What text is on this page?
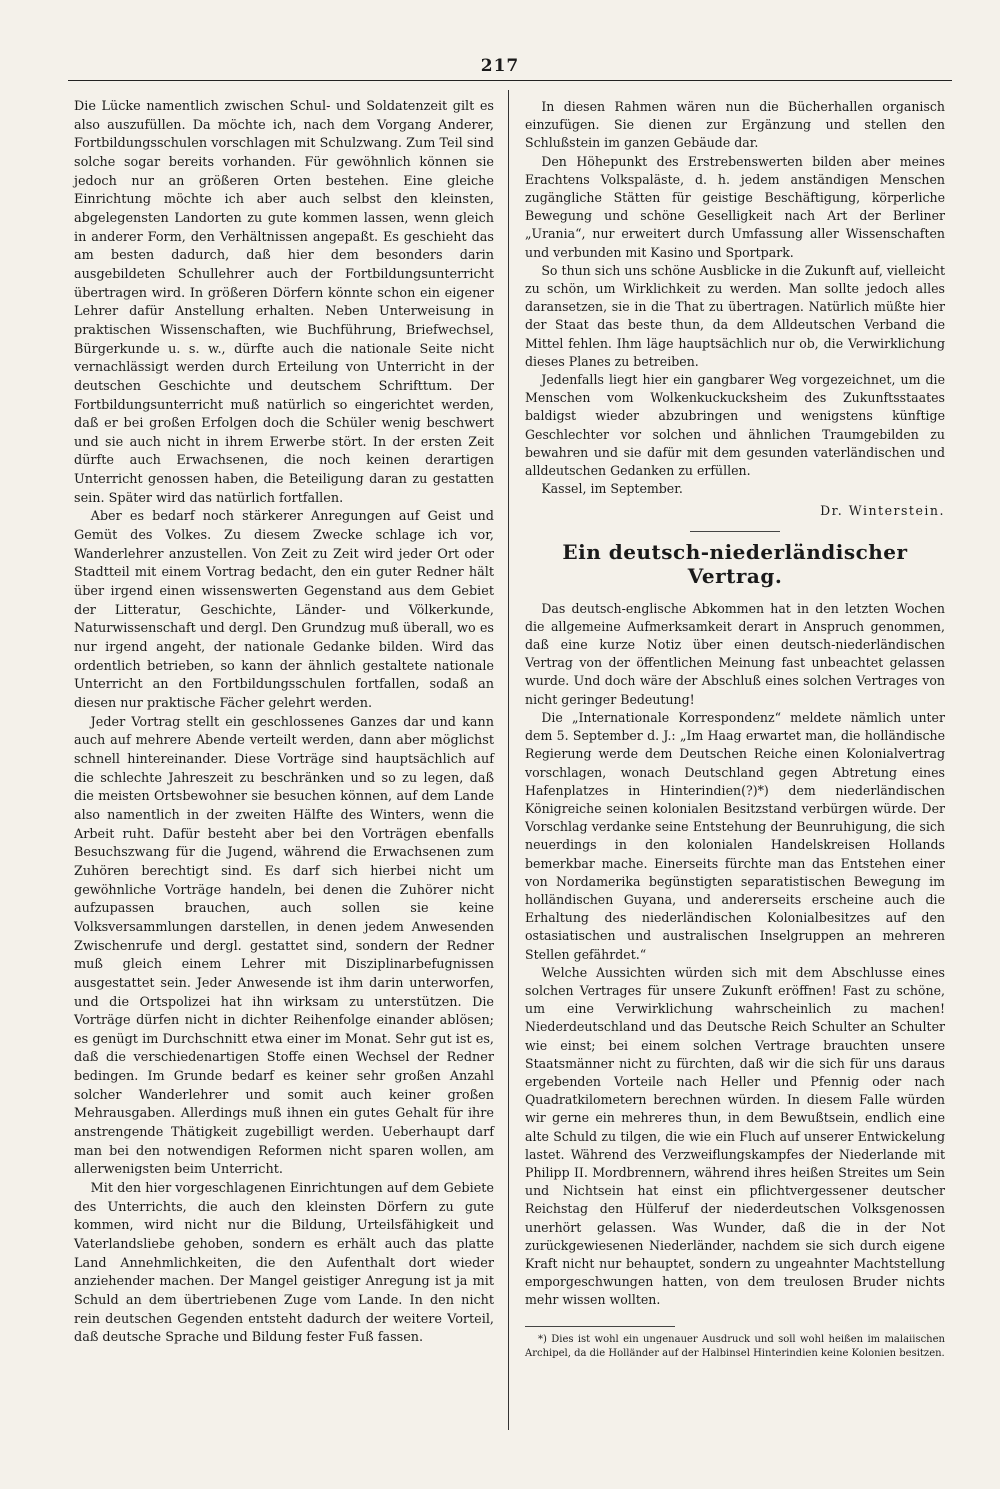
217

Die Lücke namentlich zwischen Schul- und Soldatenzeit gilt es also auszufüllen. Da möchte ich, nach dem Vorgang Anderer, Fortbildungsschulen vorschlagen mit Schulzwang. Zum Teil sind solche sogar bereits vorhanden. Für gewöhnlich können sie jedoch nur an größeren Orten bestehen. Eine gleiche Einrichtung möchte ich aber auch selbst den kleinsten, abgelegensten Landorten zu gute kommen lassen, wenn gleich in anderer Form, den Verhältnissen angepaßt. Es geschieht das am besten dadurch, daß hier dem besonders darin ausgebildeten Schullehrer auch der Fortbildungsunterricht übertragen wird. In größeren Dörfern könnte schon ein eigener Lehrer dafür Anstellung erhalten. Neben Unterweisung in praktischen Wissenschaften, wie Buchführung, Briefwechsel, Bürgerkunde u. s. w., dürfte auch die nationale Seite nicht vernachlässigt werden durch Erteilung von Unterricht in der deutschen Geschichte und deutschem Schrifttum. Der Fortbildungsunterricht muß natürlich so eingerichtet werden, daß er bei großen Erfolgen doch die Schüler wenig beschwert und sie auch nicht in ihrem Erwerbe stört. In der ersten Zeit dürfte auch Erwachsenen, die noch keinen derartigen Unterricht genossen haben, die Beteiligung daran zu gestatten sein. Später wird das natürlich fortfallen.

Aber es bedarf noch stärkerer Anregungen auf Geist und Gemüt des Volkes. Zu diesem Zwecke schlage ich vor, Wanderlehrer anzustellen. Von Zeit zu Zeit wird jeder Ort oder Stadtteil mit einem Vortrag bedacht, den ein guter Redner hält über irgend einen wissenswerten Gegenstand aus dem Gebiet der Litteratur, Geschichte, Länder- und Völkerkunde, Naturwissenschaft und dergl. Den Grundzug muß überall, wo es nur irgend angeht, der nationale Gedanke bilden. Wird das ordentlich betrieben, so kann der ähnlich gestaltete nationale Unterricht an den Fortbildungsschulen fortfallen, sodaß an diesen nur praktische Fächer gelehrt werden.

Jeder Vortrag stellt ein geschlossenes Ganzes dar und kann auch auf mehrere Abende verteilt werden, dann aber möglichst schnell hintereinander. Diese Vorträge sind hauptsächlich auf die schlechte Jahreszeit zu beschränken und so zu legen, daß die meisten Ortsbewohner sie besuchen können, auf dem Lande also namentlich in der zweiten Hälfte des Winters, wenn die Arbeit ruht. Dafür besteht aber bei den Vorträgen ebenfalls Besuchszwang für die Jugend, während die Erwachsenen zum Zuhören berechtigt sind. Es darf sich hierbei nicht um gewöhnliche Vorträge handeln, bei denen die Zuhörer nicht aufzupassen brauchen, auch sollen sie keine Volksversammlungen darstellen, in denen jedem Anwesenden Zwischenrufe und dergl. gestattet sind, sondern der Redner muß gleich einem Lehrer mit Disziplinarbefugnissen ausgestattet sein. Jeder Anwesende ist ihm darin unterworfen, und die Ortspolizei hat ihn wirksam zu unterstützen. Die Vorträge dürfen nicht in dichter Reihenfolge einander ablösen; es genügt im Durchschnitt etwa einer im Monat. Sehr gut ist es, daß die verschiedenartigen Stoffe einen Wechsel der Redner bedingen. Im Grunde bedarf es keiner sehr großen Anzahl solcher Wanderlehrer und somit auch keiner großen Mehrausgaben. Allerdings muß ihnen ein gutes Gehalt für ihre anstrengende Thätigkeit zugebilligt werden. Ueberhaupt darf man bei den notwendigen Reformen nicht sparen wollen, am allerwenigsten beim Unterricht.

Mit den hier vorgeschlagenen Einrichtungen auf dem Gebiete des Unterrichts, die auch den kleinsten Dörfern zu gute kommen, wird nicht nur die Bildung, Urteilsfähigkeit und Vaterlandsliebe gehoben, sondern es erhält auch das platte Land Annehmlichkeiten, die den Aufenthalt dort wieder anziehender machen. Der Mangel geistiger Anregung ist ja mit Schuld an dem übertriebenen Zuge vom Lande. In den nicht rein deutschen Gegenden entsteht dadurch der weitere Vorteil, daß deutsche Sprache und Bildung fester Fuß fassen.

In diesen Rahmen wären nun die Bücherhallen organisch einzufügen. Sie dienen zur Ergänzung und stellen den Schlußstein im ganzen Gebäude dar.

Den Höhepunkt des Erstrebenswerten bilden aber meines Erachtens Volkspaläste, d. h. jedem anständigen Menschen zugängliche Stätten für geistige Beschäftigung, körperliche Bewegung und schöne Geselligkeit nach Art der Berliner „Urania“, nur erweitert durch Umfassung aller Wissenschaften und verbunden mit Kasino und Sportpark.

So thun sich uns schöne Ausblicke in die Zukunft auf, vielleicht zu schön, um Wirklichkeit zu werden. Man sollte jedoch alles daransetzen, sie in die That zu übertragen. Natürlich müßte hier der Staat das beste thun, da dem Alldeutschen Verband die Mittel fehlen. Ihm läge hauptsächlich nur ob, die Verwirklichung dieses Planes zu betreiben.

Jedenfalls liegt hier ein gangbarer Weg vorgezeichnet, um die Menschen vom Wolkenkuckucksheim des Zukunftsstaates baldigst wieder abzubringen und wenigstens künftige Geschlechter vor solchen und ähnlichen Traumgebilden zu bewahren und sie dafür mit dem gesunden vaterländischen und alldeutschen Gedanken zu erfüllen.

Kassel, im September.

Dr. Winterstein.

Ein deutsch-niederländischer Vertrag.

Das deutsch-englische Abkommen hat in den letzten Wochen die allgemeine Aufmerksamkeit derart in Anspruch genommen, daß eine kurze Notiz über einen deutsch-niederländischen Vertrag von der öffentlichen Meinung fast unbeachtet gelassen wurde. Und doch wäre der Abschluß eines solchen Vertrages von nicht geringer Bedeutung!

Die „Internationale Korrespondenz“ meldete nämlich unter dem 5. September d. J.: „Im Haag erwartet man, die holländische Regierung werde dem Deutschen Reiche einen Kolonialvertrag vorschlagen, wonach Deutschland gegen Abtretung eines Hafenplatzes in Hinterindien(?)*) dem niederländischen Königreiche seinen kolonialen Besitzstand verbürgen würde. Der Vorschlag verdanke seine Entstehung der Beunruhigung, die sich neuerdings in den kolonialen Handelskreisen Hollands bemerkbar mache. Einerseits fürchte man das Entstehen einer von Nordamerika begünstigten separatistischen Bewegung im holländischen Guyana, und andererseits erscheine auch die Erhaltung des niederländischen Kolonialbesitzes auf den ostasiatischen und australischen Inselgruppen an mehreren Stellen gefährdet.“

Welche Aussichten würden sich mit dem Abschlusse eines solchen Vertrages für unsere Zukunft eröffnen! Fast zu schöne, um eine Verwirklichung wahrscheinlich zu machen! Niederdeutschland und das Deutsche Reich Schulter an Schulter wie einst; bei einem solchen Vertrage brauchten unsere Staatsmänner nicht zu fürchten, daß wir die sich für uns daraus ergebenden Vorteile nach Heller und Pfennig oder nach Quadratkilometern berechnen würden. In diesem Falle würden wir gerne ein mehreres thun, in dem Bewußtsein, endlich eine alte Schuld zu tilgen, die wie ein Fluch auf unserer Entwickelung lastet. Während des Verzweiflungskampfes der Niederlande mit Philipp II. Mordbrennern, während ihres heißen Streites um Sein und Nichtsein hat einst ein pflichtvergessener deutscher Reichstag den Hülferuf der niederdeutschen Volksgenossen unerhört gelassen. Was Wunder, daß die in der Not zurückgewiesenen Niederländer, nachdem sie sich durch eigene Kraft nicht nur behauptet, sondern zu ungeahnter Machtstellung emporgeschwungen hatten, von dem treulosen Bruder nichts mehr wissen wollten.

*) Dies ist wohl ein ungenauer Ausdruck und soll wohl heißen im malaiischen Archipel, da die Holländer auf der Halbinsel Hinterindien keine Kolonien besitzen.
